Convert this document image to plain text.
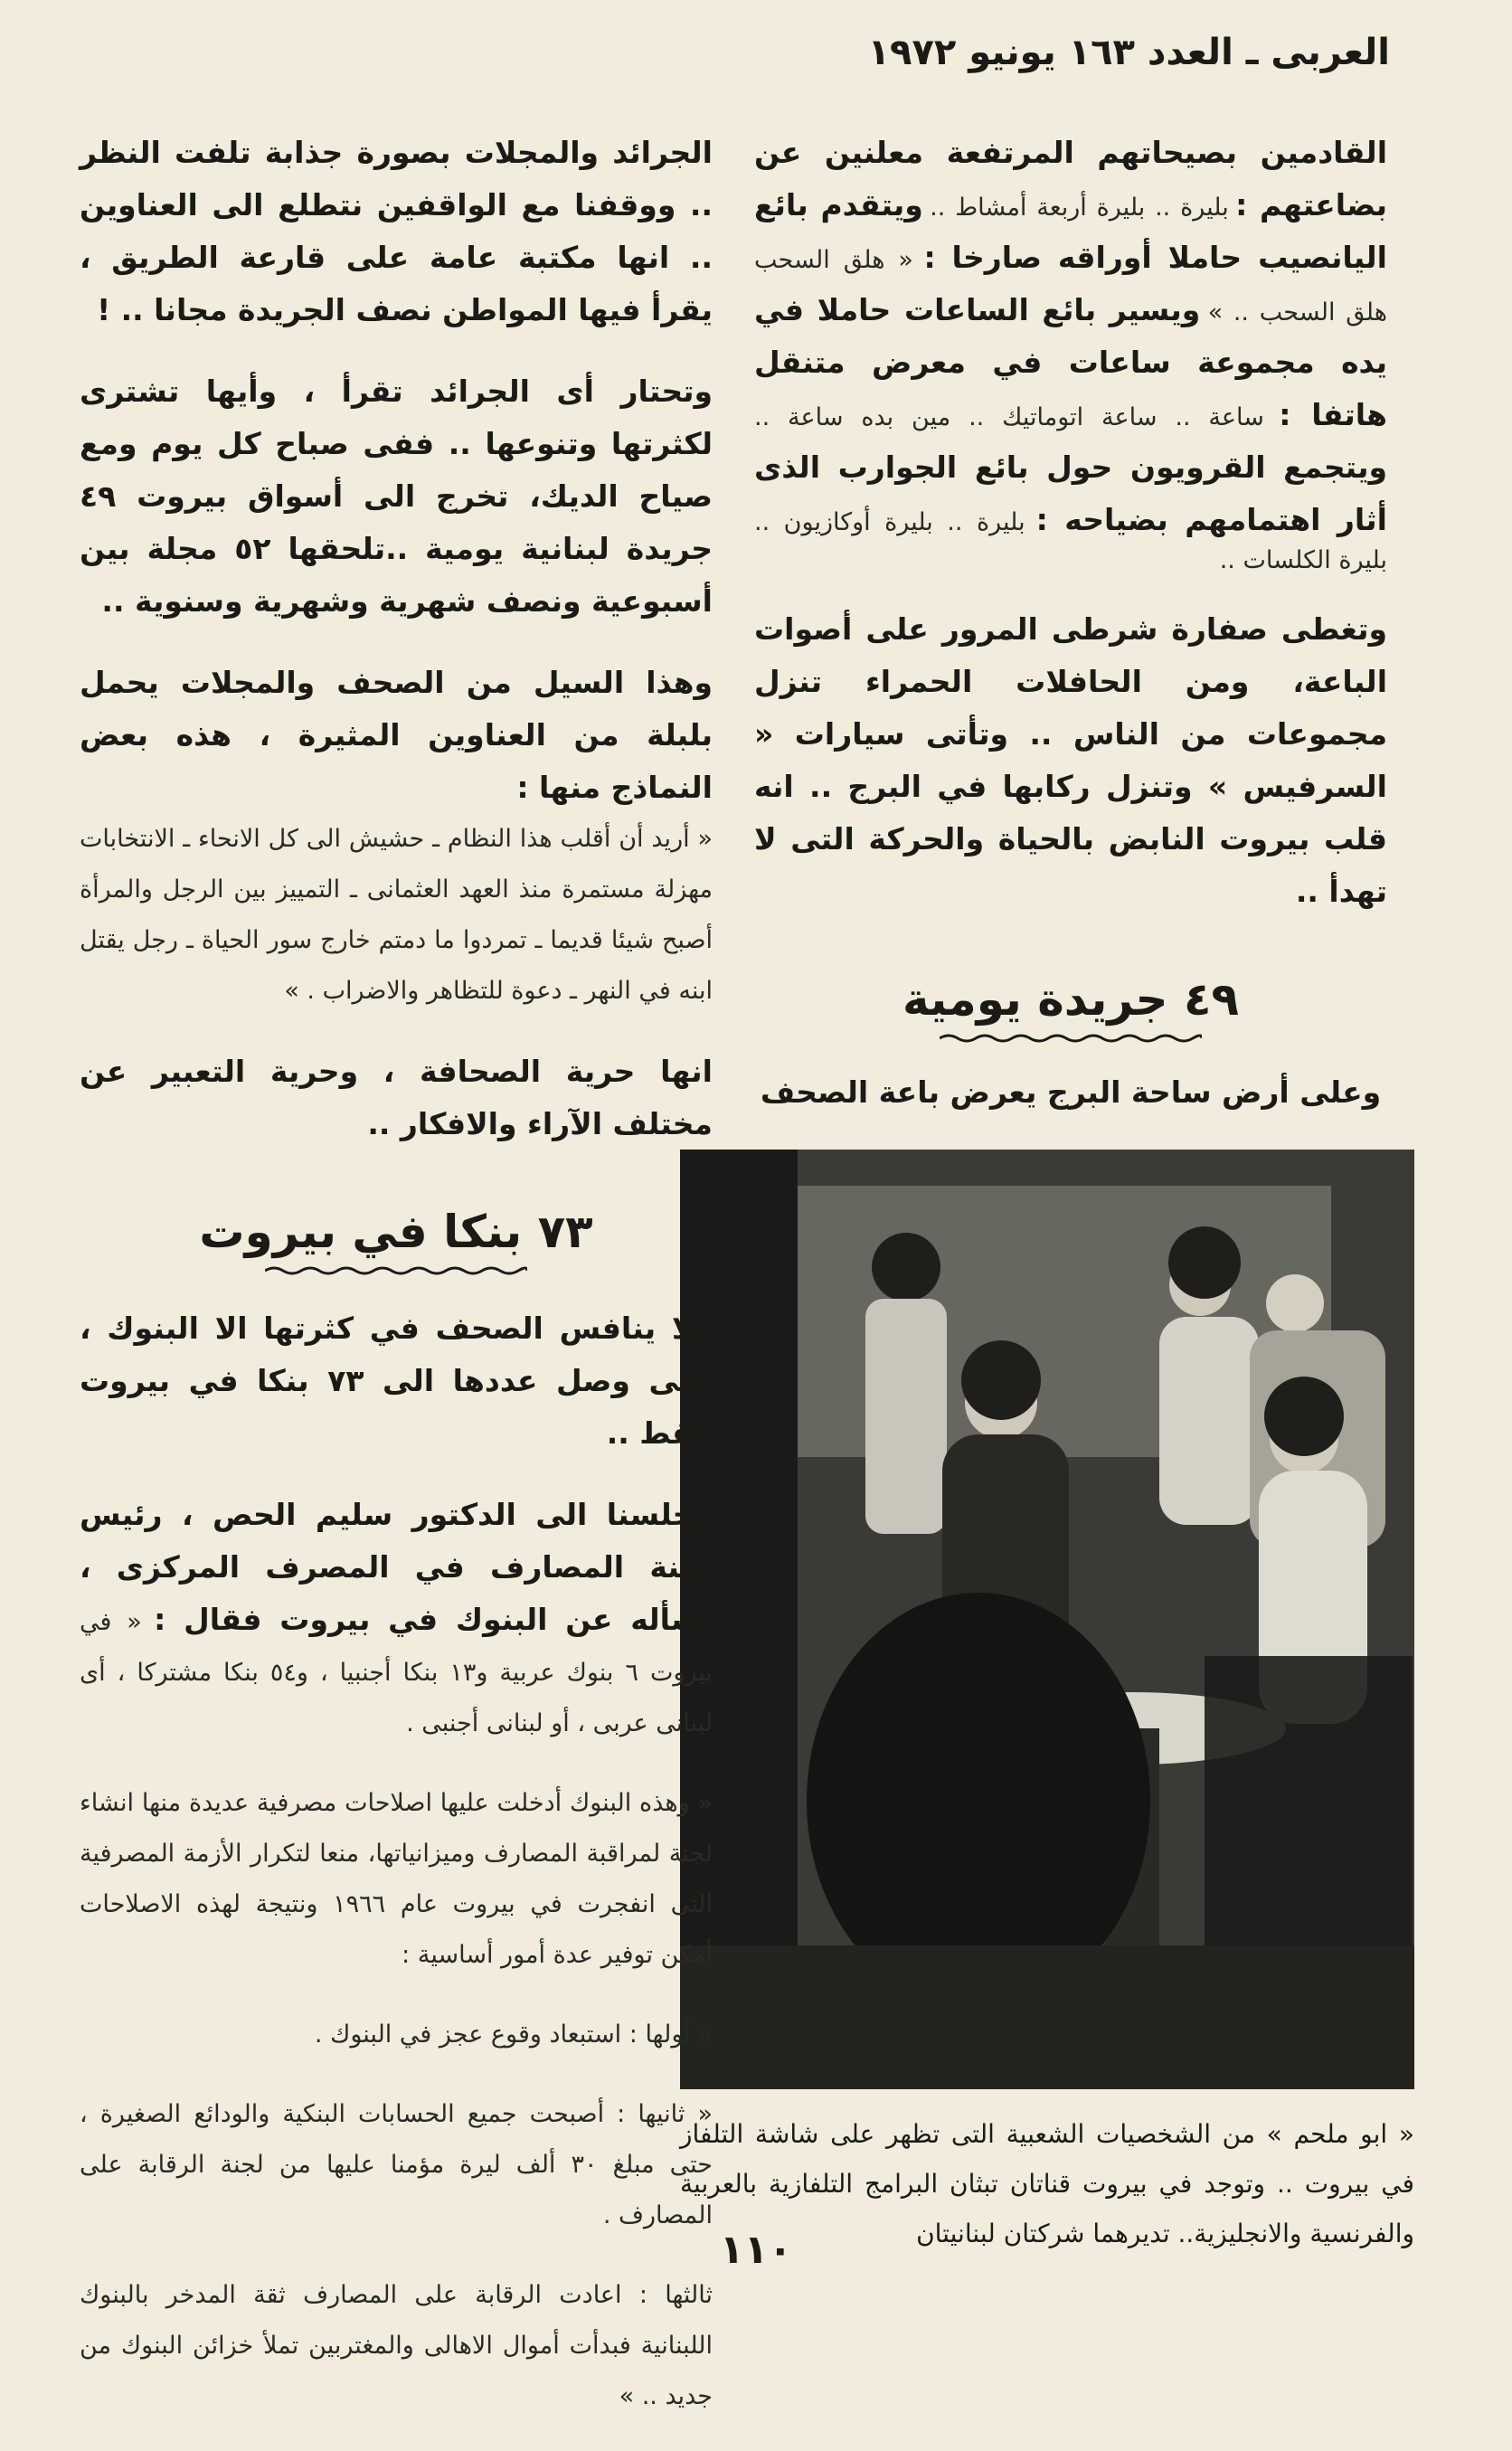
العربى ـ العدد ١٦٣ يونيو ١٩٧٢

القادمين بصيحاتهم المرتفعة معلنين عن بضاعتهم : بليرة .. بليرة أربعة أمشاط .. ويتقدم بائع اليانصيب حاملا أوراقه صارخا : « هلق السحب هلق السحب .. » ويسير بائع الساعات حاملا في يده مجموعة ساعات في معرض متنقل هاتفا : ساعة .. ساعة اتوماتيك .. مين بده ساعة .. ويتجمع القرويون حول بائع الجوارب الذى أثار اهتمامهم بضياحه : بليرة .. بليرة أوكازيون .. بليرة الكلسات ..

وتغطى صفارة شرطى المرور على أصوات الباعة، ومن الحافلات الحمراء تنزل مجموعات من الناس .. وتأتى سيارات « السرفيس » وتنزل ركابها في البرج .. انه قلب بيروت النابض بالحياة والحركة التى لا تهدأ ..

٤٩ جريدة يومية
وعلى أرض ساحة البرج يعرض باعة الصحف
« ابو ملحم » من الشخصيات الشعبية التى تظهر على شاشة التلفاز في بيروت .. وتوجد في بيروت قناتان تبثان البرامج التلفازية بالعربية والفرنسية والانجليزية.. تديرهما شركتان لبنانيتان

الجرائد والمجلات بصورة جذابة تلفت النظر .. ووقفنا مع الواقفين نتطلع الى العناوين .. انها مكتبة عامة على قارعة الطريق ، يقرأ فيها المواطن نصف الجريدة مجانا .. !

وتحتار أى الجرائد تقرأ ، وأيها تشترى لكثرتها وتنوعها .. ففى صباح كل يوم ومع صياح الديك، تخرج الى أسواق بيروت ٤٩ جريدة لبنانية يومية ..تلحقها ٥٢ مجلة بين أسبوعية ونصف شهرية وشهرية وسنوية ..

وهذا السيل من الصحف والمجلات يحمل بلبلة من العناوين المثيرة ، هذه بعض النماذج منها :

« أريد أن أقلب هذا النظام ـ حشيش الى كل الانحاء ـ الانتخابات مهزلة مستمرة منذ العهد العثمانى ـ التمييز بين الرجل والمرأة أصبح شيئا قديما ـ تمردوا ما دمتم خارج سور الحياة ـ رجل يقتل ابنه في النهر ـ دعوة للتظاهر والاضراب . »

انها حرية الصحافة ، وحرية التعبير عن مختلف الآراء والافكار ..

٧٣ بنكا في بيروت

ولا ينافس الصحف في كثرتها الا البنوك ، التى وصل عددها الى ٧٣ بنكا في بيروت فقط ..

وجلسنا الى الدكتور سليم الحص ، رئيس لجنة المصارف في المصرف المركزى ، نسأله عن البنوك في بيروت فقال : « في بيروت ٦ بنوك عربية و١٣ بنكا أجنبيا ، و٥٤ بنكا مشتركا ، أى لبنانى عربى ، أو لبنانى أجنبى .

« وهذه البنوك أدخلت عليها اصلاحات مصرفية عديدة منها انشاء لجنة لمراقبة المصارف وميزانياتها، منعا لتكرار الأزمة المصرفية التى انفجرت في بيروت عام ١٩٦٦ ونتيجة لهذه الاصلاحات أمكن توفير عدة أمور أساسية :

« أولها : استبعاد وقوع عجز في البنوك .

« ثانيها : أصبحت جميع الحسابات البنكية والودائع الصغيرة ، حتى مبلغ ٣٠ ألف ليرة مؤمنا عليها من لجنة الرقابة على المصارف .

ثالثها : اعادت الرقابة على المصارف ثقة المدخر بالبنوك اللبنانية فبدأت أموال الاهالى والمغتربين تملأ خزائن البنوك من جديد .. »

١١٠
